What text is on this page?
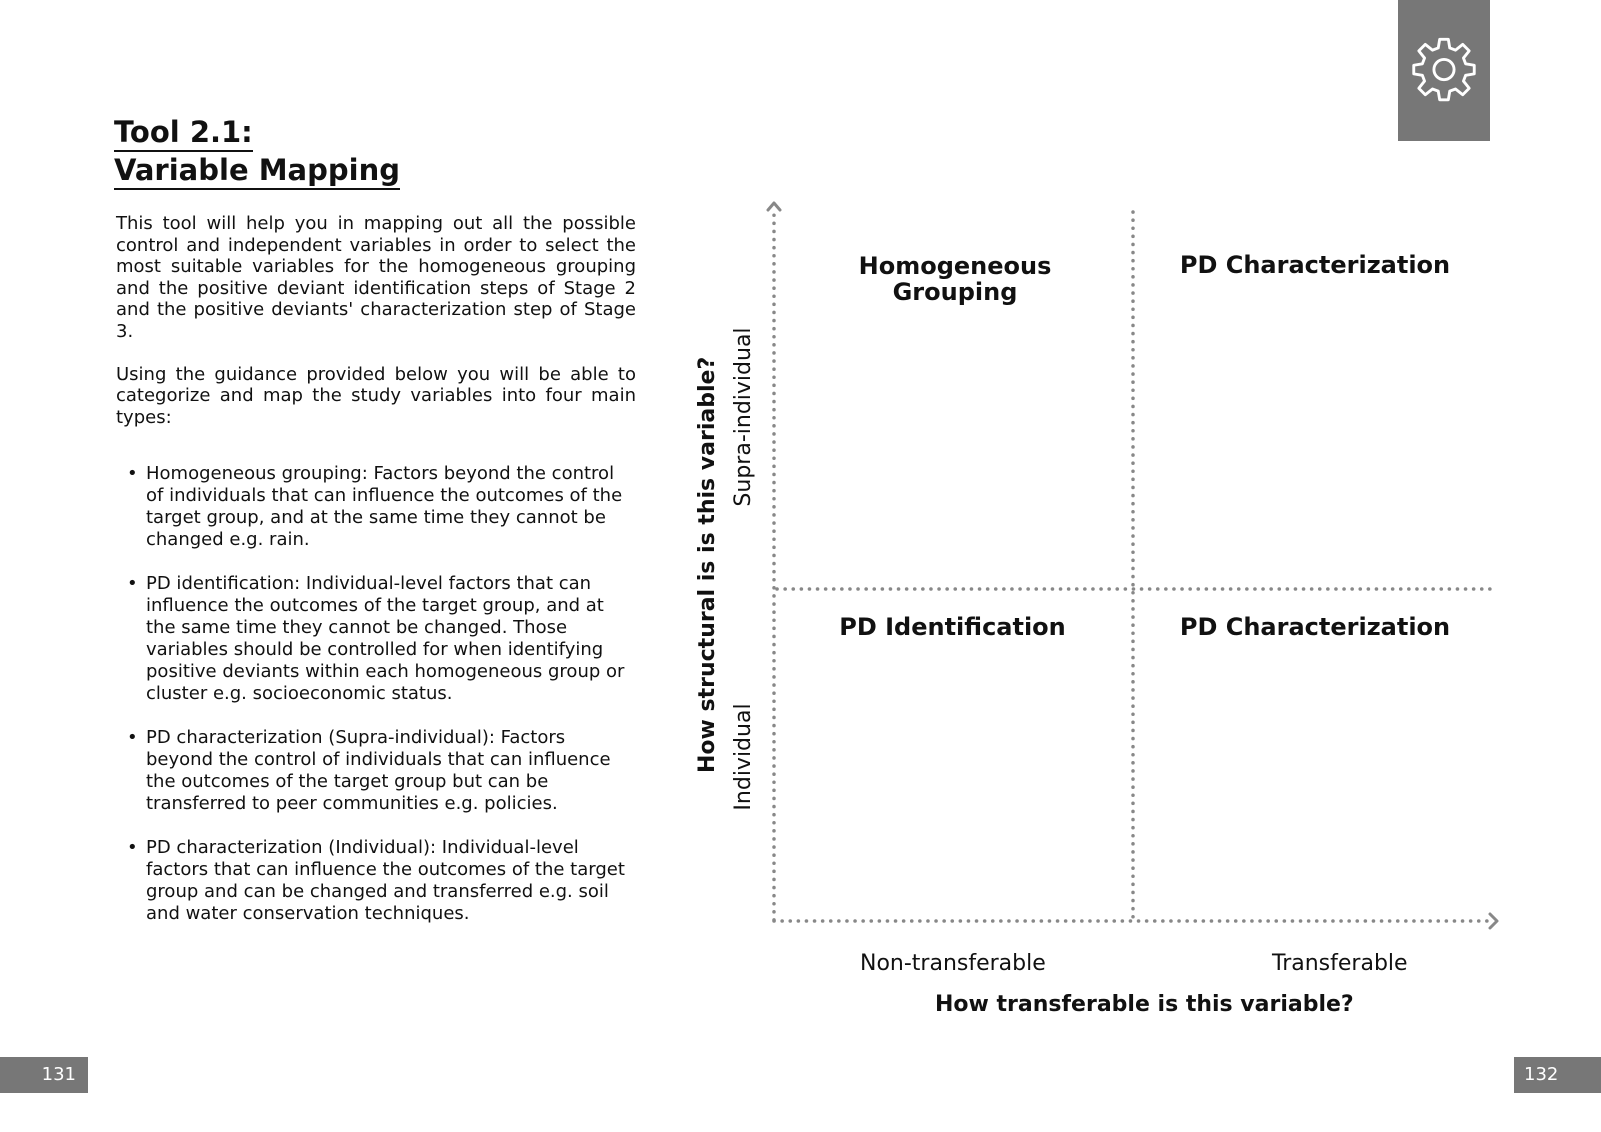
Tool 2.1:
Variable Mapping

This tool will help you in mapping out all the possible control and independent variables in order to select the most suitable variables for the homogeneous grouping and the positive deviant identification steps of Stage 2 and the positive deviants' characterization step of Stage 3.

Using the guidance provided below you will be able to categorize and map the study variables into four main types:

• Homogeneous grouping: Factors beyond the control of individuals that can influence the outcomes of the target group, and at the same time they cannot be changed e.g. rain.
• PD identification: Individual-level factors that can influence the outcomes of the target group, and at the same time they cannot be changed. Those variables should be controlled for when identifying positive deviants within each homogeneous group or cluster e.g. socioeconomic status.
• PD characterization (Supra-individual): Factors beyond the control of individuals that can influence the outcomes of the target group but can be transferred to peer communities e.g. policies.
• PD characterization (Individual): Individual-level factors that can influence the outcomes of the target group and can be changed and transferred e.g. soil and water conservation techniques.
Homogeneous Grouping
PD Characterization
PD Identification	PD Characterization
How structural is is this variable? Supra-individual
Individual
Non-transferable	Transferable
How transferable is this variable?
131	132
